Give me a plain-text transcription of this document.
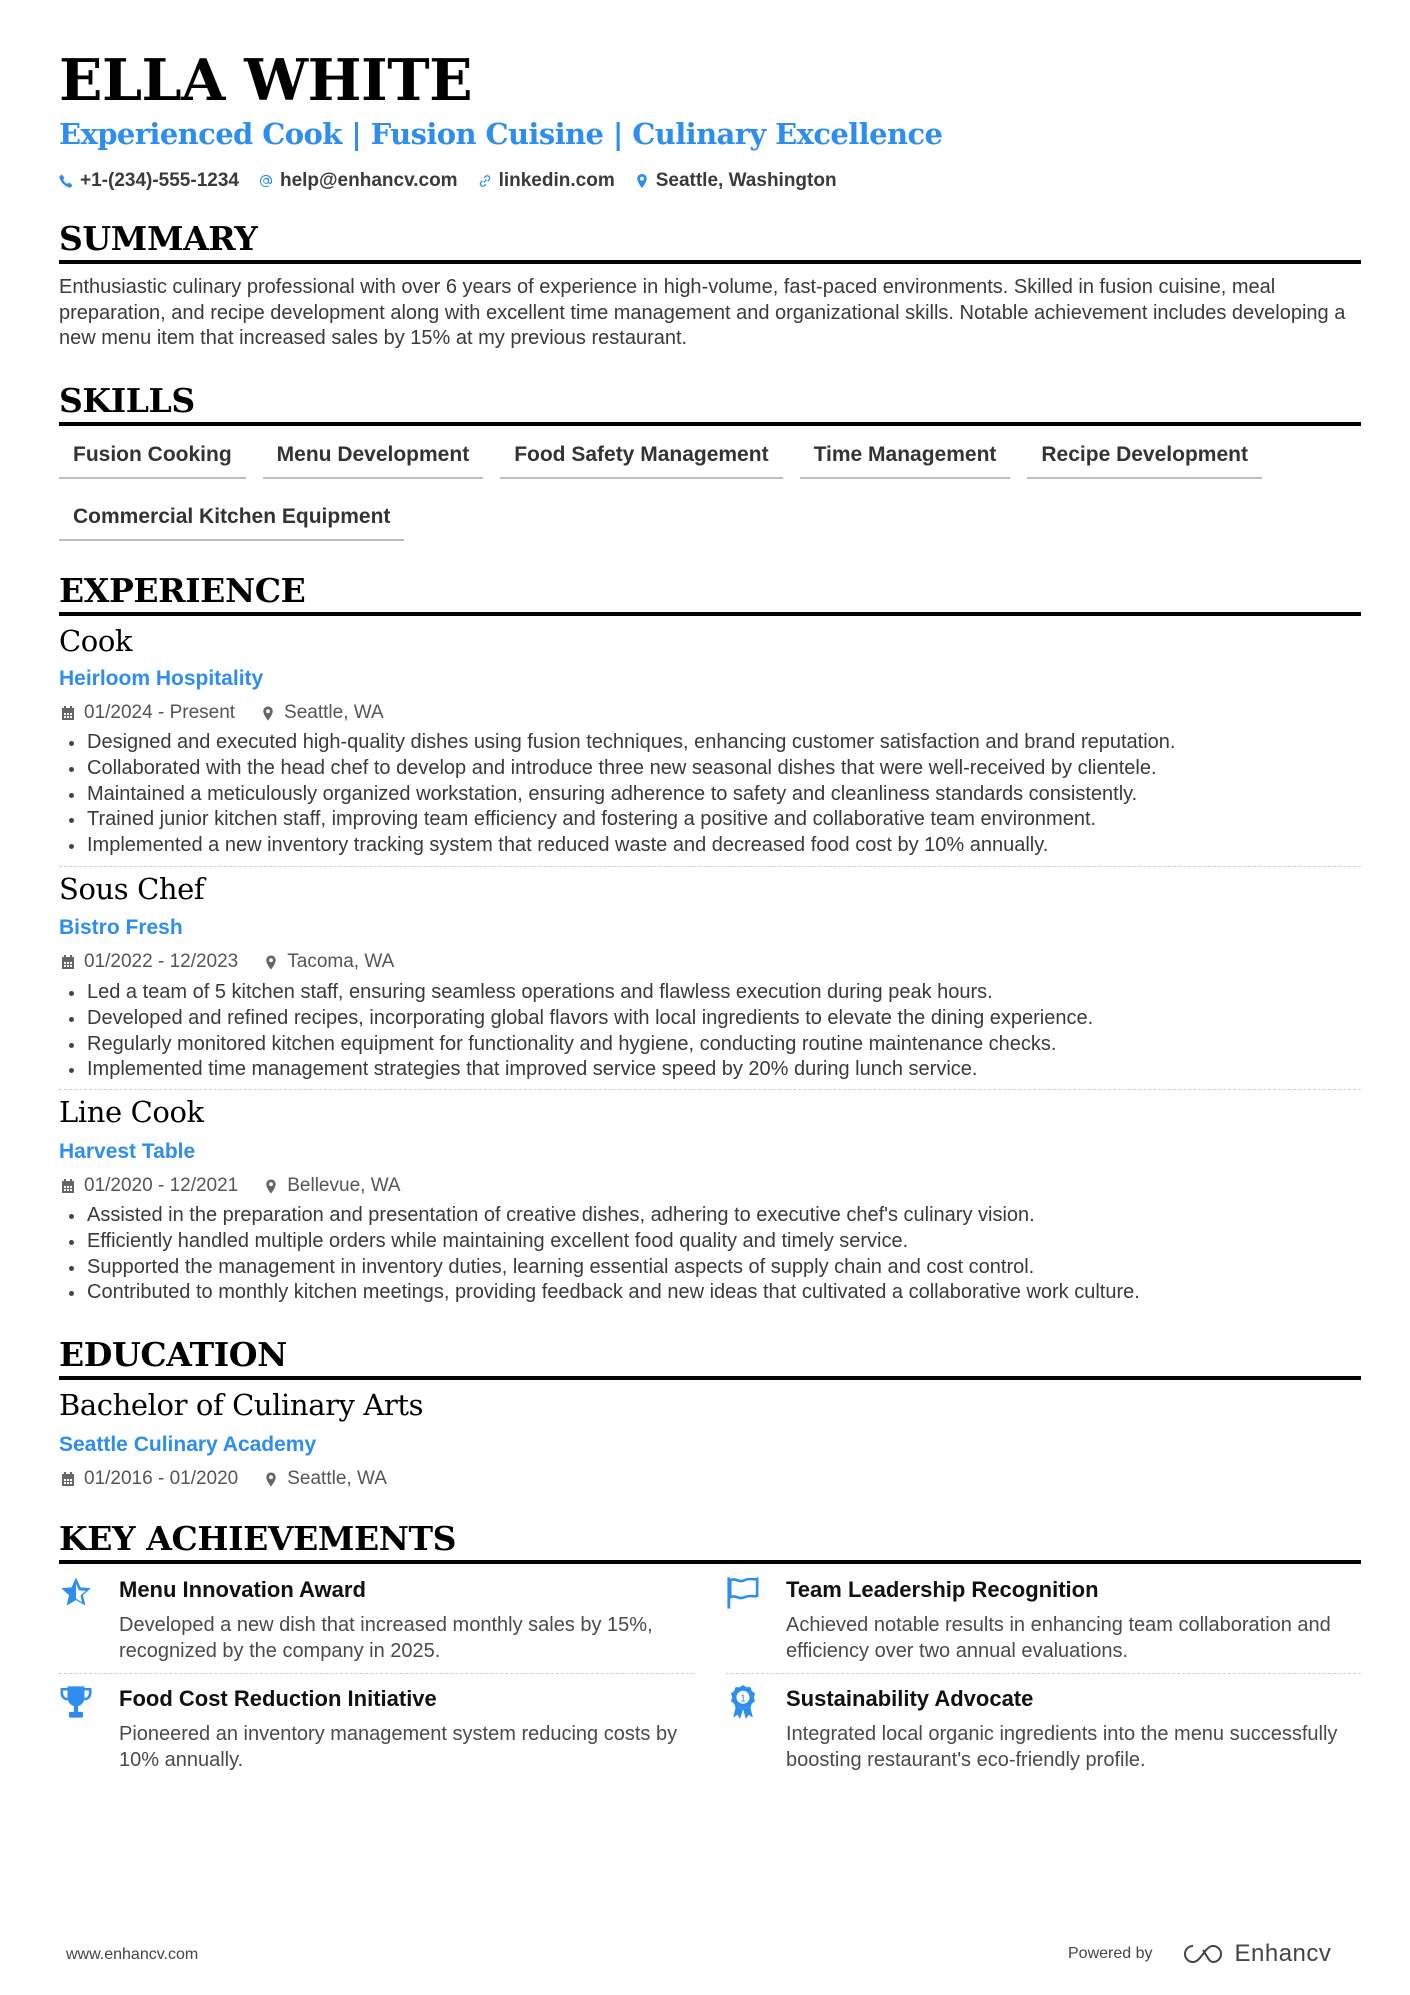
ELLA WHITE
Experienced Cook | Fusion Cuisine | Culinary Excellence
+1-(234)-555-1234 help@enhancv.com linkedin.com Seattle, Washington
SUMMARY
Enthusiastic culinary professional with over 6 years of experience in high-volume, fast-paced environments. Skilled in fusion cuisine, meal preparation, and recipe development along with excellent time management and organizational skills. Notable achievement includes developing a new menu item that increased sales by 15% at my previous restaurant.
SKILLS
Fusion Cooking	Menu Development	Food Safety Management	Time Management	Recipe Development
Commercial Kitchen Equipment
EXPERIENCE
Cook
Heirloom Hospitality
01/2024 - Present	Seattle, WA
Designed and executed high-quality dishes using fusion techniques, enhancing customer satisfaction and brand reputation.
Collaborated with the head chef to develop and introduce three new seasonal dishes that were well-received by clientele.
Maintained a meticulously organized workstation, ensuring adherence to safety and cleanliness standards consistently.
Trained junior kitchen staff, improving team efficiency and fostering a positive and collaborative team environment.
Implemented a new inventory tracking system that reduced waste and decreased food cost by 10% annually.
Sous Chef
Bistro Fresh
01/2022 - 12/2023	Tacoma, WA
Led a team of 5 kitchen staff, ensuring seamless operations and flawless execution during peak hours.
Developed and refined recipes, incorporating global flavors with local ingredients to elevate the dining experience.
Regularly monitored kitchen equipment for functionality and hygiene, conducting routine maintenance checks.
Implemented time management strategies that improved service speed by 20% during lunch service.
Line Cook
Harvest Table
01/2020 - 12/2021	Bellevue, WA
Assisted in the preparation and presentation of creative dishes, adhering to executive chef's culinary vision.
Efficiently handled multiple orders while maintaining excellent food quality and timely service.
Supported the management in inventory duties, learning essential aspects of supply chain and cost control.
Contributed to monthly kitchen meetings, providing feedback and new ideas that cultivated a collaborative work culture.
EDUCATION
Bachelor of Culinary Arts
Seattle Culinary Academy
01/2016 - 01/2020	Seattle, WA
KEY ACHIEVEMENTS
Menu Innovation Award
Developed a new dish that increased monthly sales by 15%, recognized by the company in 2025.
Team Leadership Recognition
Achieved notable results in enhancing team collaboration and efficiency over two annual evaluations.
Food Cost Reduction Initiative
Pioneered an inventory management system reducing costs by 10% annually.
1 Sustainability Advocate
Integrated local organic ingredients into the menu successfully boosting restaurant's eco-friendly profile.
www.enhancv.com	Powered by	Enhancv
